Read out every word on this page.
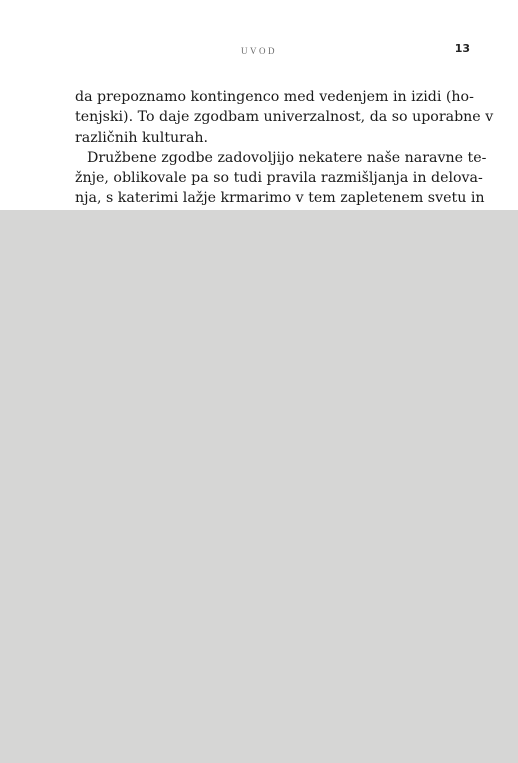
UVOD	13
da prepoznamo kontingenco med vedenjem in izidi (ho-
tenjski). To daje zgodbam univerzalnost, da so uporabne v
različnih kulturah.
Družbene zgodbe zadovoljijo nekatere naše naravne te-
žnje, oblikovale pa so tudi pravila razmišljanja in delova-
nja, s katerimi lažje krmarimo v tem zapletenem svetu in
